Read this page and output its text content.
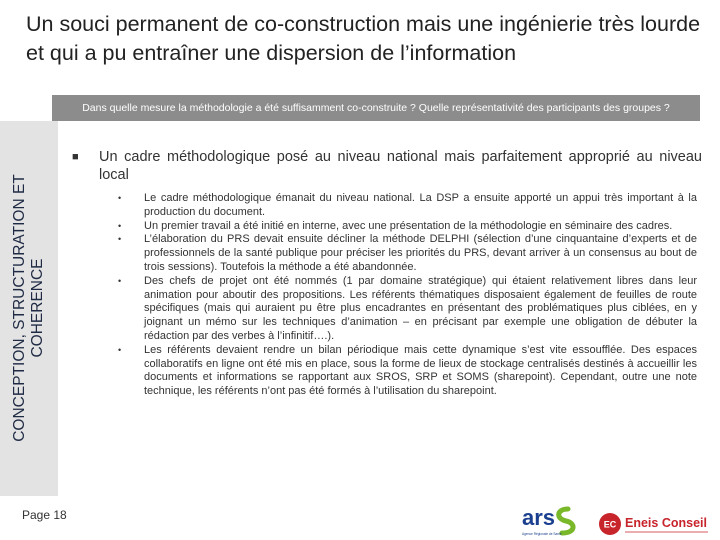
Un souci permanent de co-construction mais une ingénierie très lourde et qui a pu entraîner une dispersion de l’information
Dans quelle mesure la méthodologie a été suffisamment co-construite ? Quelle représentativité des participants des groupes ?
CONCEPTION, STRUCTURATION ET COHERENCE
■ Un cadre méthodologique posé au niveau national mais parfaitement approprié au niveau local
• Le cadre méthodologique émanait du niveau national. La DSP a ensuite apporté un appui très important à la production du document.
• Un premier travail a été initié en interne, avec une présentation de la méthodologie en séminaire des cadres.
• L’élaboration du PRS devait ensuite décliner la méthode DELPHI (sélection d’une cinquantaine d’experts et de professionnels de la santé publique pour préciser les priorités du PRS, devant arriver à un consensus au bout de trois sessions). Toutefois la méthode a été abandonnée.
• Des chefs de projet ont été nommés (1 par domaine stratégique) qui étaient relativement libres dans leur animation pour aboutir des propositions. Les référents thématiques disposaient également de feuilles de route spécifiques (mais qui auraient pu être plus encadrantes en présentant des problématiques plus ciblées, en y joignant un mémo sur les techniques d’animation – en précisant par exemple une obligation de débuter la rédaction par des verbes à l’infinitif….).
• Les référents devaient rendre un bilan périodique mais cette dynamique s’est vite essoufflée. Des espaces collaboratifs en ligne ont été mis en place, sous la forme de lieux de stockage centralisés destinés à accueillir les documents et informations se rapportant aux SROS, SRP et SOMS (sharepoint). Cependant, outre une note technique, les référents n’ont pas été formés à l’utilisation du sharepoint.
Page 18	ars
Agence Régionale de Santé
EC Eneis Conseil
